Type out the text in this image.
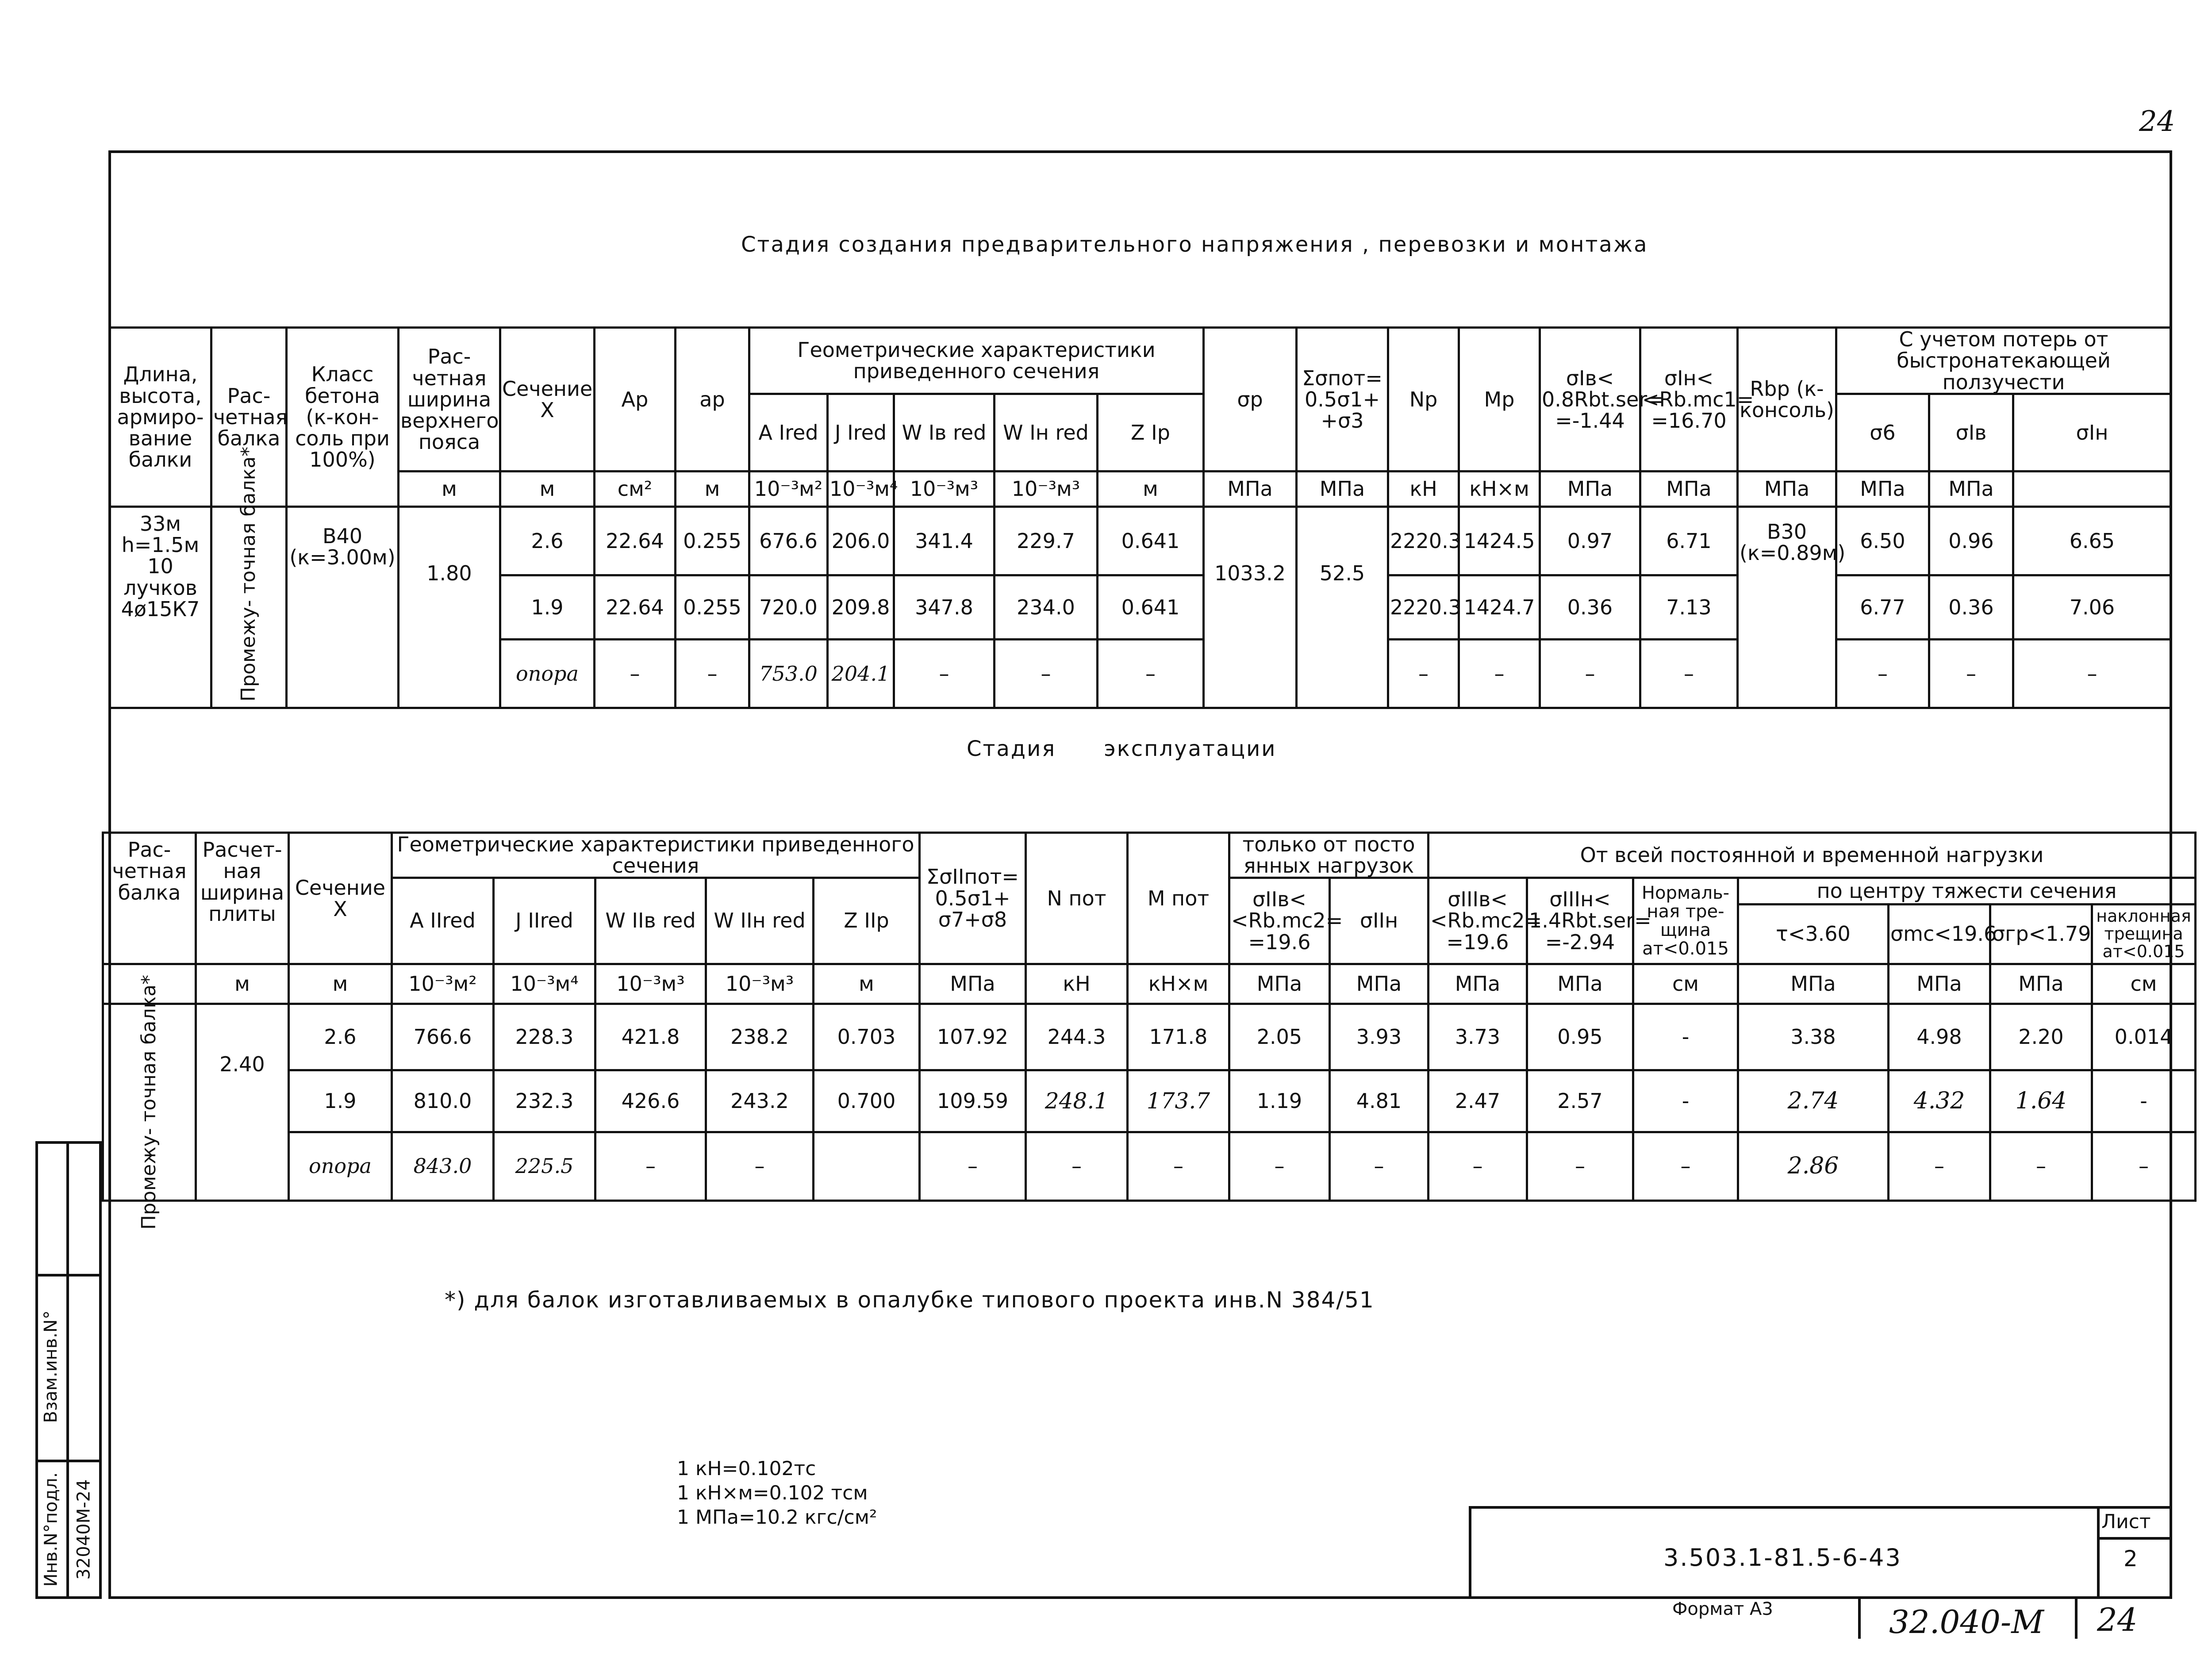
24
Стадия создания предварительного напряжения , перевозки и монтажа
Длина, высота, армиро- вание балки	Рас- четная балка	Класс бетона (к-кон- соль при 100%)	Рас- четная ширина верхнего пояса	Сечение X	Aр	aр	Геометрические характеристики приведенного сечения					σр	Σσпот= 0.5σ1+ +σ3	Nр	Mр	σIв< 0.8Rbt.ser= =-1.44	σIн< <Rb.mc1= =16.70	Rbр (к-консоль)	С учетом потерь от быстронатекающей ползучести		
							A Ired	J Ired	W Iв red	W Iн red	Z Iр								σ6	σIв	σIн
			м	м	см²	м	10⁻³м²	10⁻³м⁴	10⁻³м³	10⁻³м³	м	МПа	МПа	кН	кН×м	МПа	МПа	МПа	МПа	МПа	
33м h=1.5м 10 лучков 4ø15К7	Промежу- точная балка*	В40 (к=3.00м)	1.80	2.6	22.64	0.255	676.6	206.0	341.4	229.7	0.641	1033.2	52.5	2220.3	1424.5	0.97	6.71	В30 (к=0.89м)	6.50	0.96	6.65
				1.9	22.64	0.255	720.0	209.8	347.8	234.0	0.641			2220.3	1424.7	0.36	7.13		6.77	0.36	7.06
				опора	–	–	753.0	204.1	–	–	–			–	–	–	–		–	–	–
Стадия эксплуатации
Рас- четная балка	Расчет- ная ширина плиты	Сечение X	Геометрические характеристики приведенного сечения					ΣσIIпот= 0.5σ1+ σ7+σ8	N пот	M пот	только от посто янных нагрузок		От всей постоянной и временной нагрузки						
			A IIred	J IIred	W IIв red	W IIн red	Z IIр				σIIв< <Rb.mc2= =19.6	σIIн	σIIIв< <Rb.mc2= =19.6	σIIIн< 1.4Rbt.ser= =-2.94	Нормаль- ная тре- щина aт<0.015	по центру тяжести сечения			
																τ<3.60	σmc<19.6	σгр<1.79	наклонная трещина aт<0.015
	м	м	10⁻³м²	10⁻³м⁴	10⁻³м³	10⁻³м³	м	МПа	кН	кН×м	МПа	МПа	МПа	МПа	см	МПа	МПа	МПа	см

Промежу- точная балка*	2.40	2.6	766.6	228.3	421.8	238.2	0.703	107.92	244.3	171.8	2.05	3.93	3.73	0.95	-	3.38	4.98	2.20	0.014
		1.9	810.0	232.3	426.6	243.2	0.700	109.59	248.1	173.7	1.19	4.81	2.47	2.57	-	2.74	4.32	1.64	-
		опора	843.0	225.5	–	–		–	–	–	–	–	–	–	–	2.86	–	–	–
*) для балок изготавливаемых в опалубке типового проекта инв.N 384/51
1 кН=0.102тс
1 кН×м=0.102 тсм
1 МПа=10.2 кгс/см²
Взам.инв.N°
Инв.N°подл. 32040М-24	3.503.1-81.5-6-43
Лист
2
Формат А3	32.040-М 24
